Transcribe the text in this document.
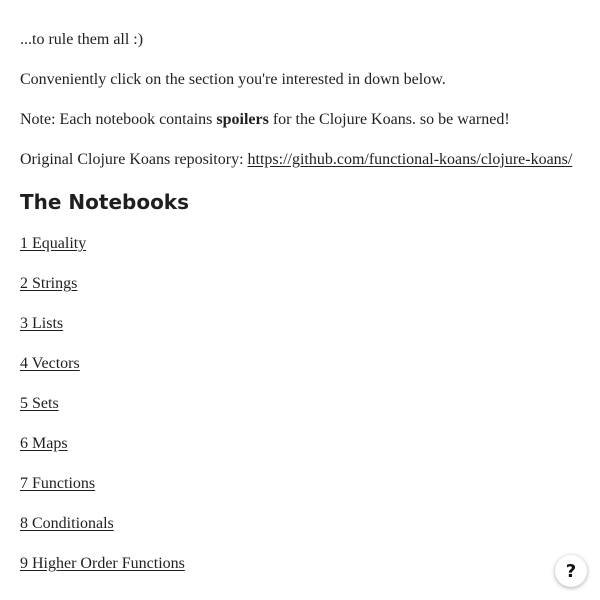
...to rule them all :)

Conveniently click on the section you're interested in down below.

Note: Each notebook contains spoilers for the Clojure Koans. so be warned!

Original Clojure Koans repository: https://github.com/functional-koans/clojure-koans/

The Notebooks
1 Equality
2 Strings
3 Lists
4 Vectors
5 Sets
6 Maps
7 Functions
8 Conditionals
9 Higher Order Functions	?
